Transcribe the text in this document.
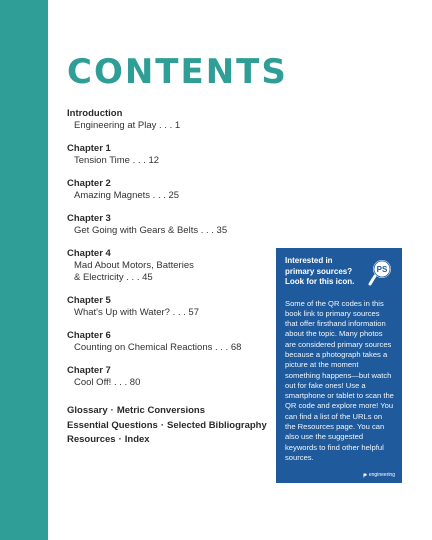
CONTENTS
Introduction
Engineering at Play . . . 1
Chapter 1
Tension Time . . . 12
Chapter 2
Amazing Magnets . . . 25
Chapter 3
Get Going with Gears & Belts . . . 35
Chapter 4
Mad About Motors, Batteries
& Electricity . . . 45
Chapter 5
What's Up with Water? . . . 57
Chapter 6
Counting on Chemical Reactions . . . 68
Chapter 7
Cool Off! . . . 80
Glossary · Metric Conversions
Essential Questions · Selected Bibliography
Resources · Index
Interested in
primary sources?
Look for this icon.
PS
Some of the QR codes in this book link to primary sources that offer firsthand information about the topic. Many photos are considered primary sources because a photograph takes a picture at the moment something happens—but watch out for fake ones! Use a smartphone or tablet to scan the QR code and explore more! You can find a list of the URLs on the Resources page. You can also use the suggested keywords to find other helpful sources.
engineering
